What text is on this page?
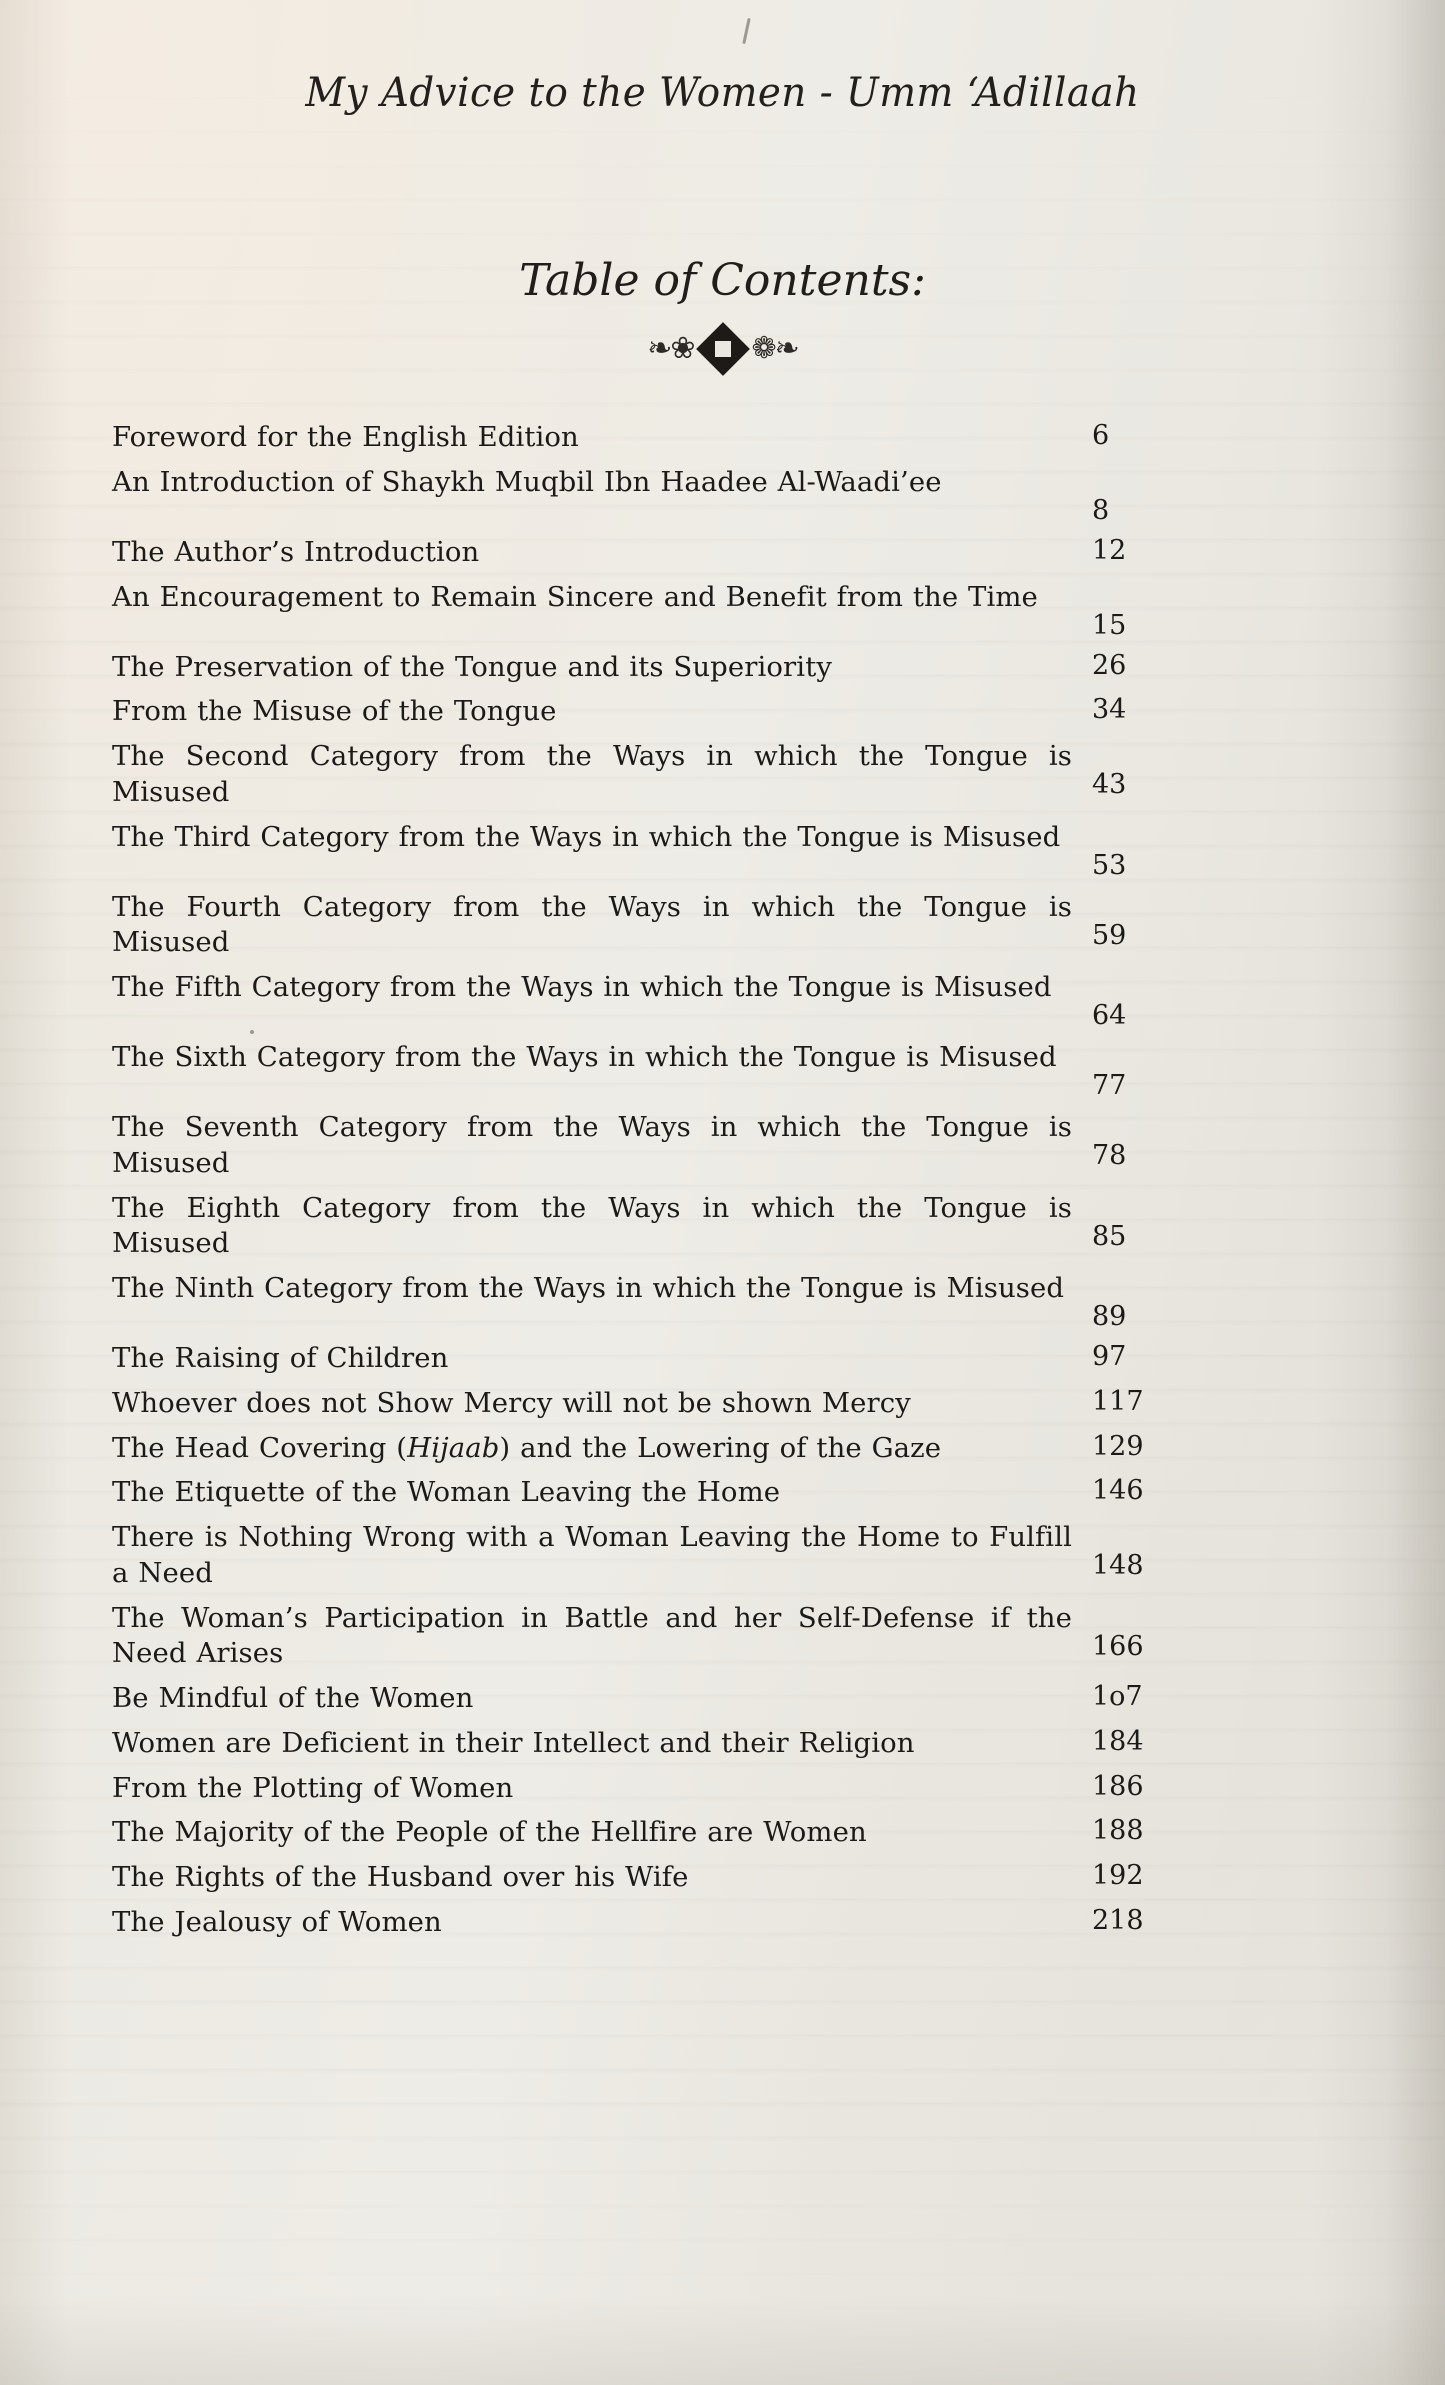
My Advice to the Women - Umm ‘Adillaah
Table of Contents:
❧❀ ❁❧
Foreword for the English Edition	6
An Introduction of Shaykh Muqbil Ibn Haadee Al-Waadi’ee
8
The Author’s Introduction	12
An Encouragement to Remain Sincere and Benefit from the Time
15
The Preservation of the Tongue and its Superiority	26
From the Misuse of the Tongue	34
The Second Category from the Ways in which the Tongue is Misused	43
The Third Category from the Ways in which the Tongue is Misused
53
The Fourth Category from the Ways in which the Tongue is Misused	59
The Fifth Category from the Ways in which the Tongue is Misused
64
The Sixth Category from the Ways in which the Tongue is Misused
77
The Seventh Category from the Ways in which the Tongue is Misused	78
The Eighth Category from the Ways in which the Tongue is Misused	85
The Ninth Category from the Ways in which the Tongue is Misused
89
The Raising of Children	97
Whoever does not Show Mercy will not be shown Mercy	117
The Head Covering (Hijaab) and the Lowering of the Gaze	129
The Etiquette of the Woman Leaving the Home	146
There is Nothing Wrong with a Woman Leaving the Home to Fulfill a Need	148
The Woman’s Participation in Battle and her Self-Defense if the Need Arises	166
Be Mindful of the Women	1o7
Women are Deficient in their Intellect and their Religion	184
From the Plotting of Women	186
The Majority of the People of the Hellfire are Women	188
The Rights of the Husband over his Wife	192
The Jealousy of Women	218
